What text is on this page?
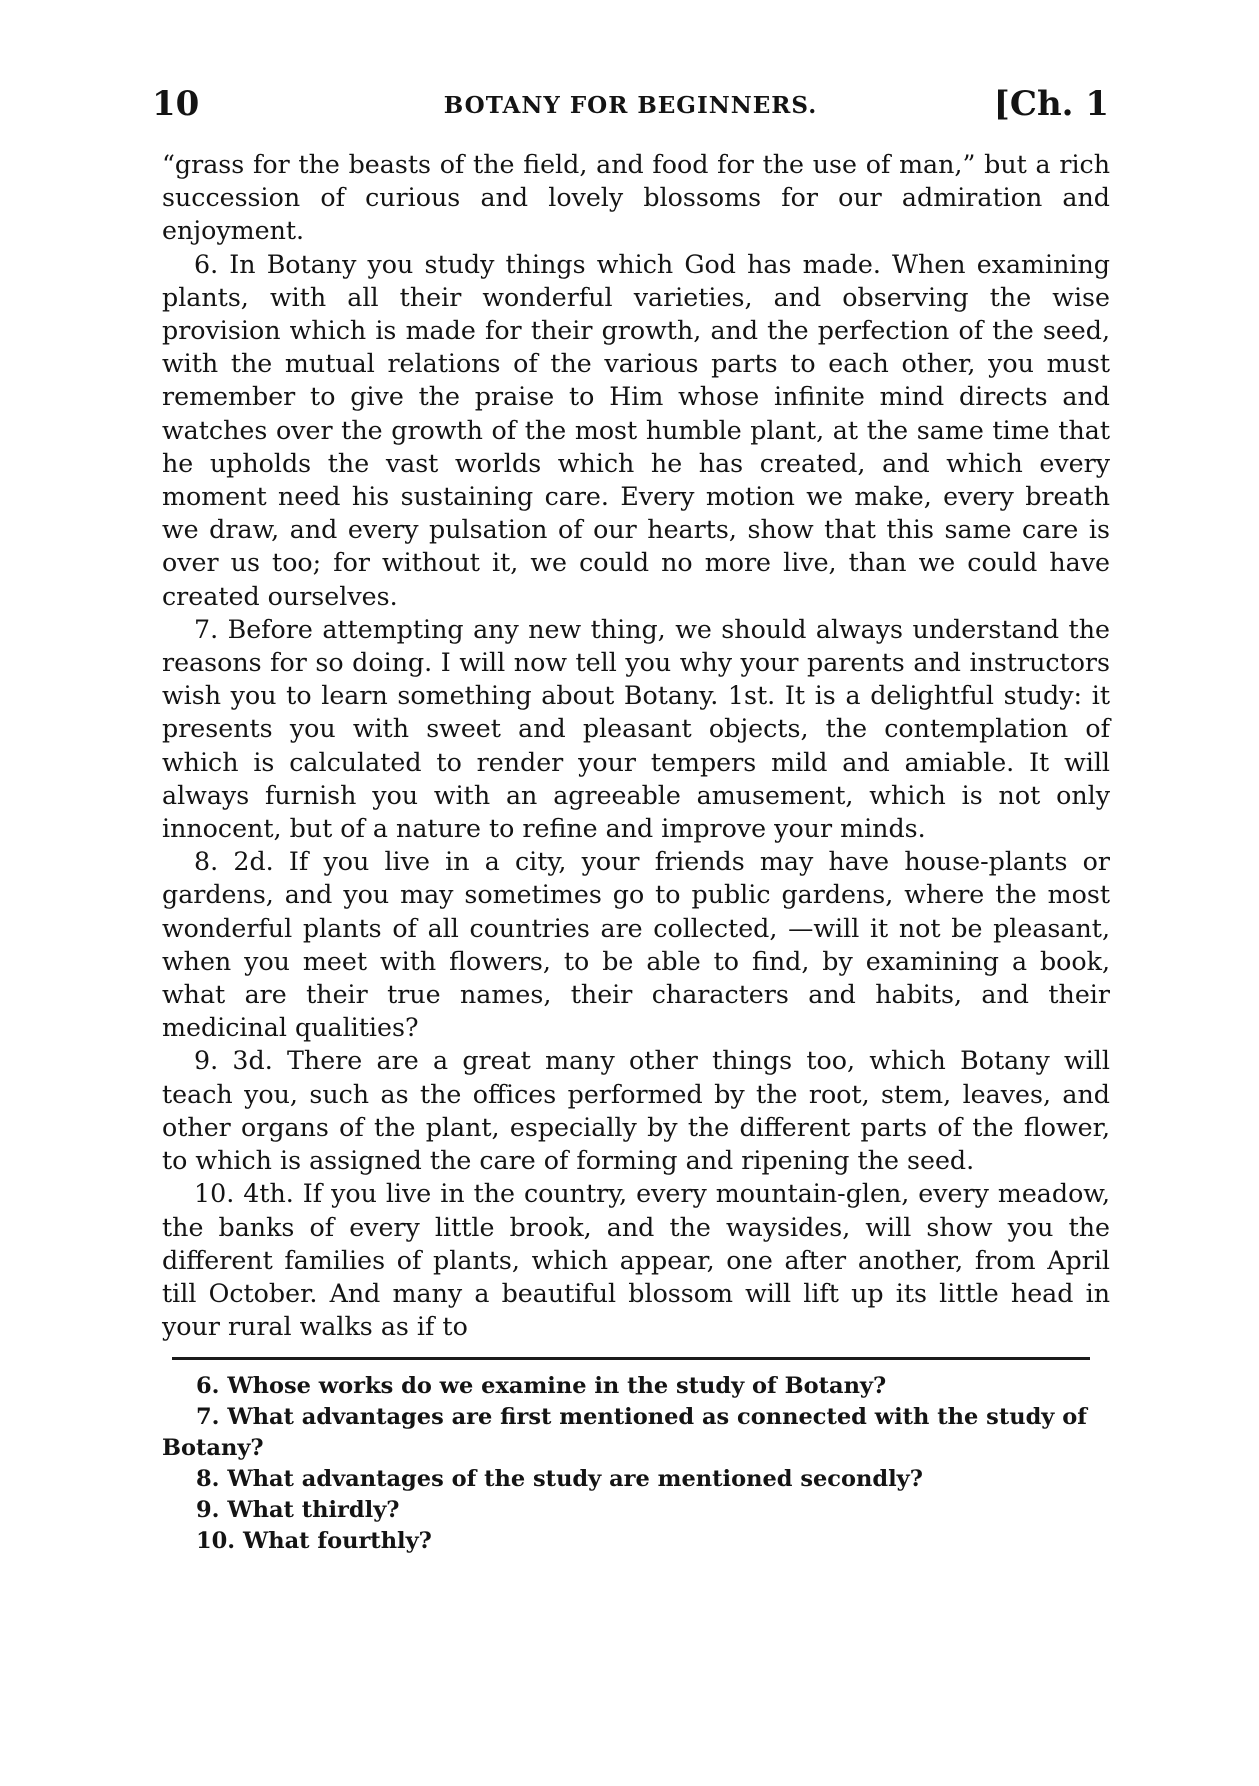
10	BOTANY FOR BEGINNERS.	[Ch. 1

“grass for the beasts of the field, and food for the use of man,” but a rich succession of curious and lovely blossoms for our admiration and enjoyment.

6. In Botany you study things which God has made. When examining plants, with all their wonderful varieties, and observing the wise provision which is made for their growth, and the perfection of the seed, with the mutual relations of the various parts to each other, you must remember to give the praise to Him whose infinite mind directs and watches over the growth of the most humble plant, at the same time that he upholds the vast worlds which he has created, and which every moment need his sustaining care. Every motion we make, every breath we draw, and every pulsation of our hearts, show that this same care is over us too; for without it, we could no more live, than we could have created ourselves.

7. Before attempting any new thing, we should always understand the reasons for so doing. I will now tell you why your parents and instructors wish you to learn something about Botany. 1st. It is a delightful study: it presents you with sweet and pleasant objects, the contemplation of which is calculated to render your tempers mild and amiable. It will always furnish you with an agreeable amusement, which is not only innocent, but of a nature to refine and improve your minds.

8. 2d. If you live in a city, your friends may have house-plants or gardens, and you may sometimes go to public gardens, where the most wonderful plants of all countries are collected, —will it not be pleasant, when you meet with flowers, to be able to find, by examining a book, what are their true names, their characters and habits, and their medicinal qualities?

9. 3d. There are a great many other things too, which Botany will teach you, such as the offices performed by the root, stem, leaves, and other organs of the plant, especially by the different parts of the flower, to which is assigned the care of forming and ripening the seed.

10. 4th. If you live in the country, every mountain-glen, every meadow, the banks of every little brook, and the waysides, will show you the different families of plants, which appear, one after another, from April till October. And many a beautiful blossom will lift up its little head in your rural walks as if to

6. Whose works do we examine in the study of Botany?

7. What advantages are first mentioned as connected with the study of Botany?

8. What advantages of the study are mentioned secondly?

9. What thirdly?

10. What fourthly?
